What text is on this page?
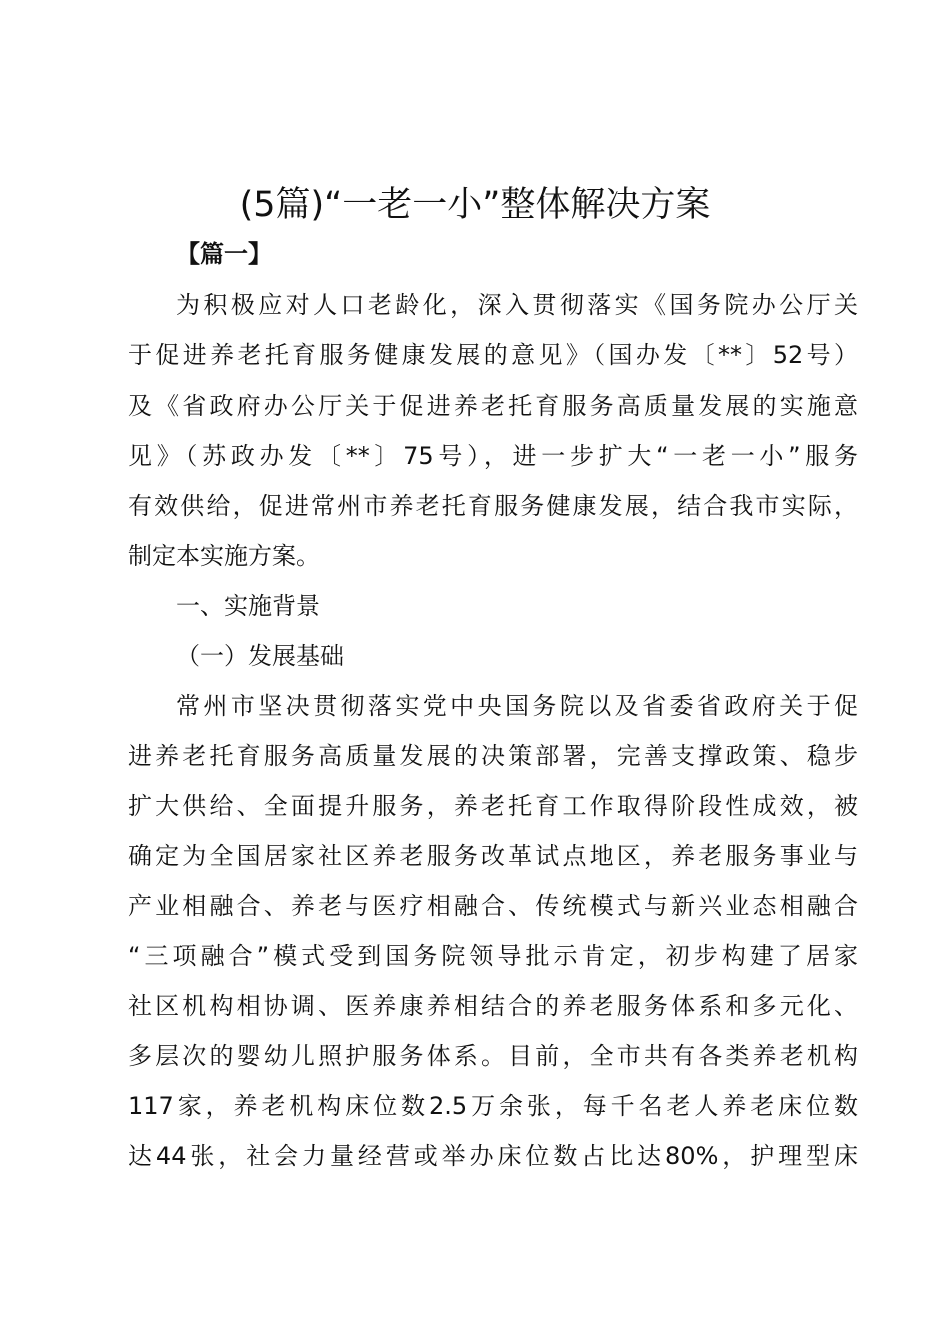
(5篇)“一老一小”整体解决方案
【篇一】
为积极应对人口老龄化，深入贯彻落实《国务院办公厅关
于促进养老托育服务健康发展的意见》（国办发〔**〕52号）
及《省政府办公厅关于促进养老托育服务高质量发展的实施意
见》（苏政办发〔**〕75号），进一步扩大“一老一小”服务
有效供给，促进常州市养老托育服务健康发展，结合我市实际，
制定本实施方案。
一、实施背景
（一）发展基础
常州市坚决贯彻落实党中央国务院以及省委省政府关于促
进养老托育服务高质量发展的决策部署，完善支撑政策、稳步
扩大供给、全面提升服务，养老托育工作取得阶段性成效，被
确定为全国居家社区养老服务改革试点地区，养老服务事业与
产业相融合、养老与医疗相融合、传统模式与新兴业态相融合
“三项融合”模式受到国务院领导批示肯定，初步构建了居家
社区机构相协调、医养康养相结合的养老服务体系和多元化、
多层次的婴幼儿照护服务体系。目前，全市共有各类养老机构
117家，养老机构床位数2.5万余张，每千名老人养老床位数
达44张，社会力量经营或举办床位数占比达80%，护理型床
